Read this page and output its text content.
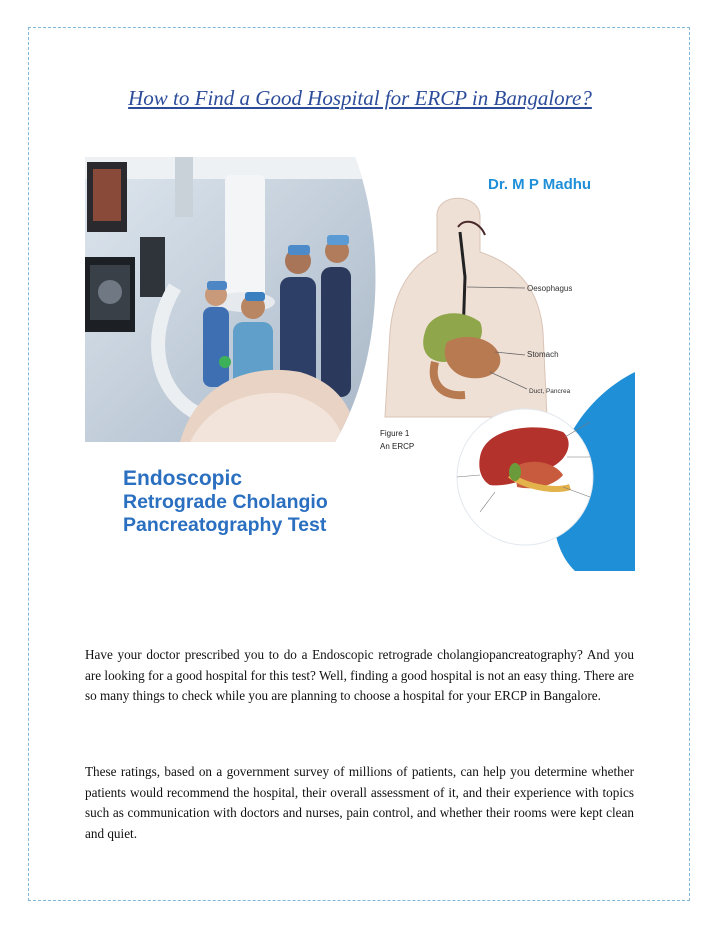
How to Find a Good Hospital for ERCP in Bangalore?
Dr. M P Madhu
Oesophagus
Stomach
Duct, Pancrea
Figure 1
An ERCP
Endoscopic
Retrograde Cholangio
Pancreatography Test
Have your doctor prescribed you to do a Endoscopic retrograde cholangiopancreatography? And you are looking for a good hospital for this test? Well, finding a good hospital is not an easy thing. There are so many things to check while you are planning to choose a hospital for your ERCP in Bangalore.
These ratings, based on a government survey of millions of patients, can help you determine whether patients would recommend the hospital, their overall assessment of it, and their experience with topics such as communication with doctors and nurses, pain control, and whether their rooms were kept clean and quiet.
